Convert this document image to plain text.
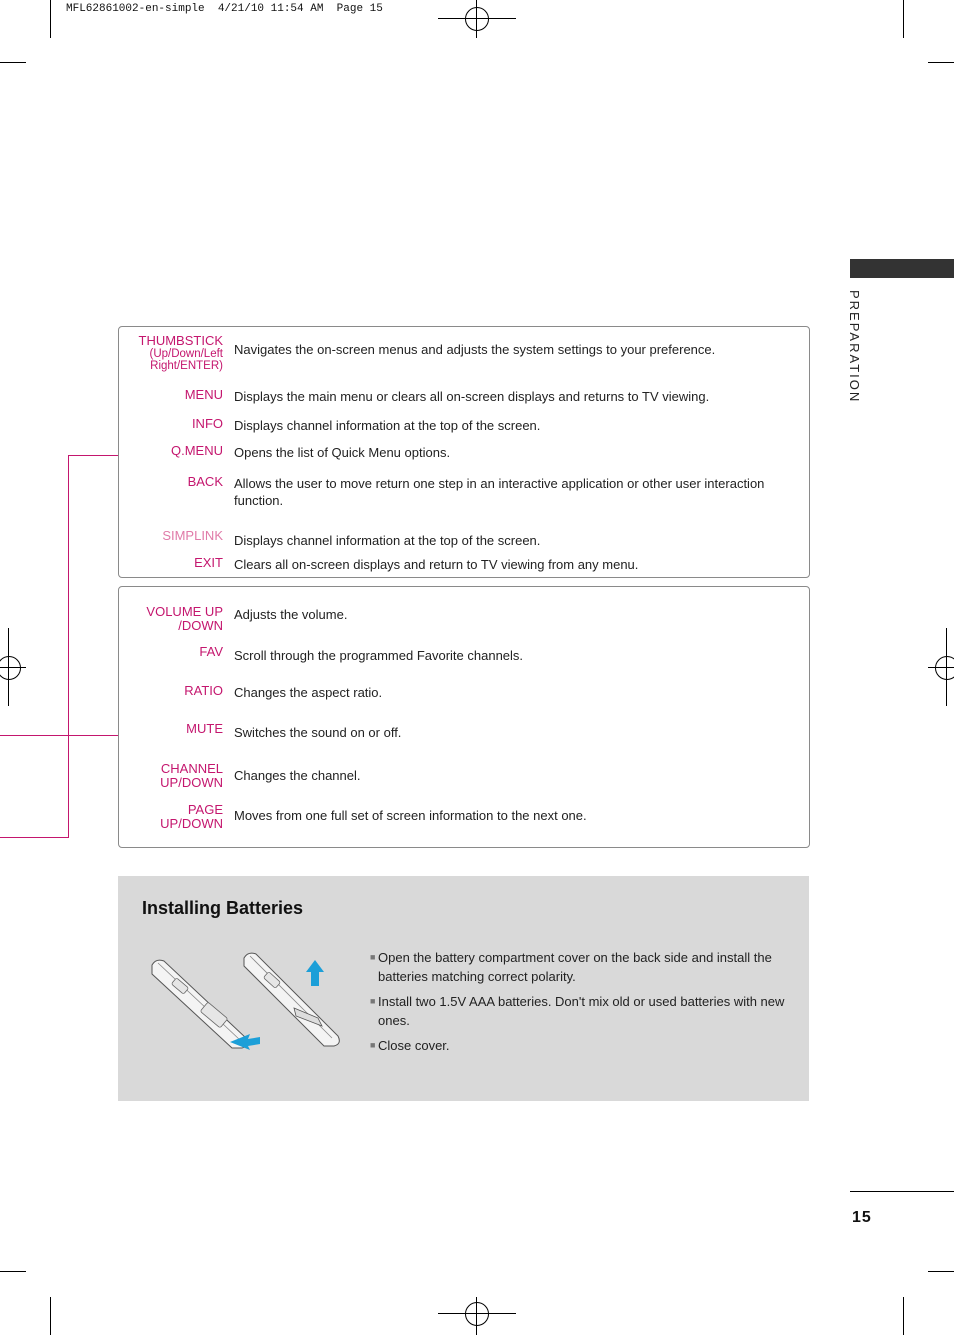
MFL62861002-en-simple  4/21/10 11:54 AM  Page 15
PREPARATION
THUMBSTICK
(Up/Down/Left Right/ENTER)
Navigates the on-screen menus and adjusts the system settings to your preference.
MENU Displays the main menu or clears all on-screen displays and returns to TV viewing.
INFO Displays channel information at the top of the screen.
Q.MENU Opens the list of Quick Menu options.
BACK Allows the user to move return one step in an interactive application or other user interaction function.
SIMPLINK Displays channel information at the top of the screen.
EXIT Clears all on-screen displays and return to TV viewing from any menu.
VOLUME UP
/DOWN
Adjusts the volume.
FAV Scroll through the programmed Favorite channels.
RATIO Changes the aspect ratio.
MUTE Switches the sound on or off.
CHANNEL
UP/DOWN Changes the channel.
PAGE
UP/DOWN
Moves from one full set of screen information to the next one.
Installing Batteries
■ Open the battery compartment cover on the back side and install the batteries matching correct polarity.
■ Install two 1.5V AAA batteries. Don't mix old or used batteries with new ones.
■ Close cover.
15
